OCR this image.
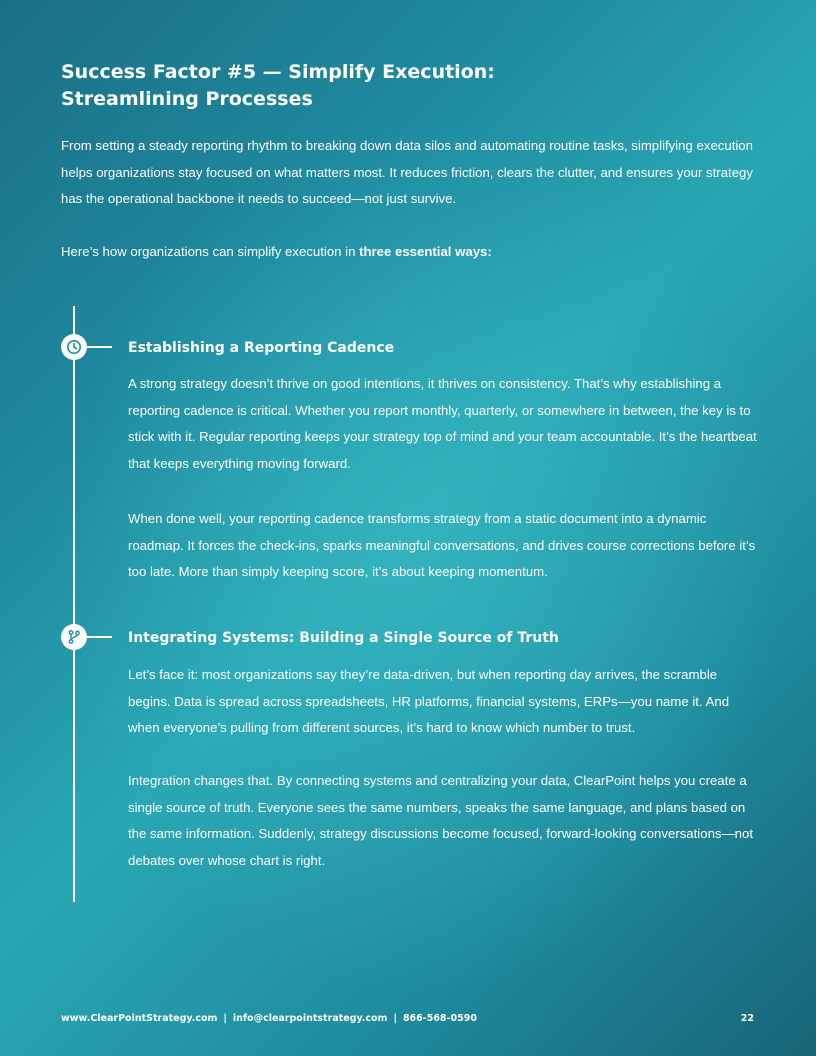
Success Factor #5 — Simplify Execution:
Streamlining Processes

From setting a steady reporting rhythm to breaking down data silos and automating routine tasks, simplifying execution helps organizations stay focused on what matters most. It reduces friction, clears the clutter, and ensures your strategy has the operational backbone it needs to succeed—not just survive.

Here’s how organizations can simplify execution in three essential ways:

Establishing a Reporting Cadence

A strong strategy doesn’t thrive on good intentions, it thrives on consistency. That’s why establishing a reporting cadence is critical. Whether you report monthly, quarterly, or somewhere in between, the key is to stick with it. Regular reporting keeps your strategy top of mind and your team accountable. It’s the heartbeat that keeps everything moving forward.

When done well, your reporting cadence transforms strategy from a static document into a dynamic roadmap. It forces the check-ins, sparks meaningful conversations, and drives course corrections before it’s too late. More than simply keeping score, it’s about keeping momentum.

Integrating Systems: Building a Single Source of Truth

Let’s face it: most organizations say they’re data-driven, but when reporting day arrives, the scramble begins. Data is spread across spreadsheets, HR platforms, financial systems, ERPs—you name it. And when everyone’s pulling from different sources, it’s hard to know which number to trust.

Integration changes that. By connecting systems and centralizing your data, ClearPoint helps you create a single source of truth. Everyone sees the same numbers, speaks the same language, and plans based on the same information. Suddenly, strategy discussions become focused, forward-looking conversations—not debates over whose chart is right.

www.ClearPointStrategy.com | info@clearpointstrategy.com | 866-568-0590	22
